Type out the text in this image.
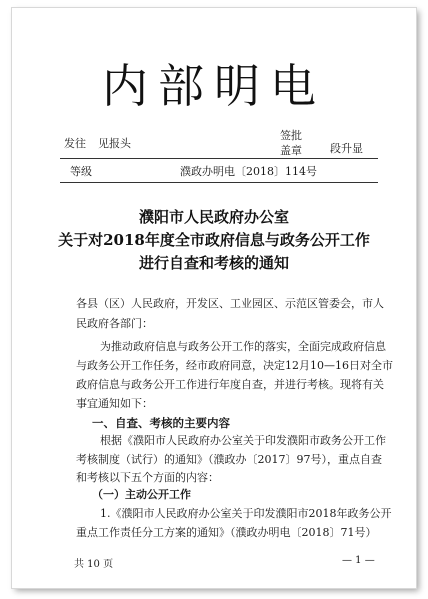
内部明电
发往 见报头
签批盖章	段升显
等级	濮政办明电〔2018〕114号
濮阳市人民政府办公室
关于对2018年度全市政府信息与政务公开工作
进行自查和考核的通知
各县（区）人民政府，开发区、工业园区、示范区管委会，市人
民政府各部门：
为推动政府信息与政务公开工作的落实，全面完成政府信息
与政务公开工作任务，经市政府同意，决定12月10—16日对全市
政府信息与政务公开工作进行年度自查，并进行考核。现将有关
事宜通知如下：
一、自查、考核的主要内容
根据《濮阳市人民政府办公室关于印发濮阳市政务公开工作
考核制度（试行）的通知》（濮政办〔2017〕97号），重点自查
和考核以下五个方面的内容：
（一）主动公开工作
1.《濮阳市人民政府办公室关于印发濮阳市2018年政务公开
重点工作责任分工方案的通知》（濮政办明电〔2018〕71号）
共 10 页	— 1 —
